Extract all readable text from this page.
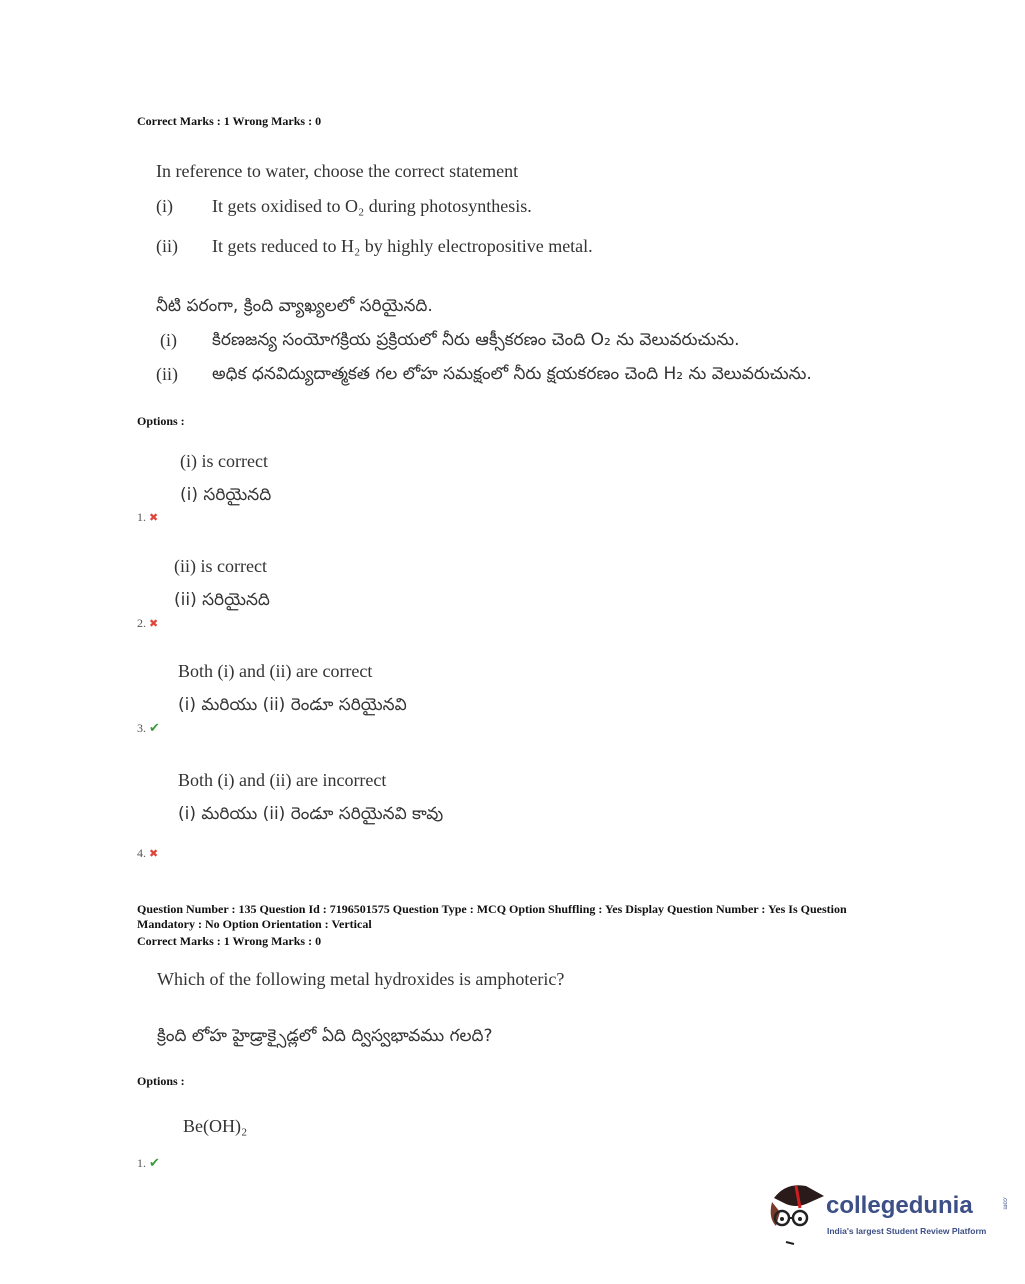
Correct Marks : 1 Wrong Marks : 0
In reference to water, choose the correct statement
(i) It gets oxidised to O₂ during photosynthesis.
(ii) It gets reduced to H₂ by highly electropositive metal.
నీటి పరంగా, క్రింది వ్యాఖ్యలలో సరియైనది.
(i) కిరణజన్య సంయోగక్రియ ప్రక్రియలో నీరు ఆక్సీకరణం చెంది O₂ ను వెలువరుచును.
(ii) అధిక ధనవిద్యుదాత్మకత గల లోహ సమక్షంలో నీరు క్షయకరణం చెంది H₂ ను వెలువరుచును.
Options :
(i) is correct
(i) సరియైనది
1. ✖
(ii) is correct
(ii) సరియైనది
2. ✖
Both (i) and (ii) are correct
(i) మరియు (ii) రెండూ సరియైనవి
3. ✔
Both (i) and (ii) are incorrect
(i) మరియు (ii) రెండూ సరియైనవి కావు
4. ✖
Question Number : 135 Question Id : 7196501575 Question Type : MCQ Option Shuffling : Yes Display Question Number : Yes Is Question
Mandatory : No Option Orientation : Vertical
Correct Marks : 1 Wrong Marks : 0
Which of the following metal hydroxides is amphoteric?
క్రింది లోహ హైడ్రాక్సైడ్లలో ఏది ద్విస్వభావము గలది?
Options :
Be(OH)₂
1. ✔
collegedunia	.com
India's largest Student Review Platform
